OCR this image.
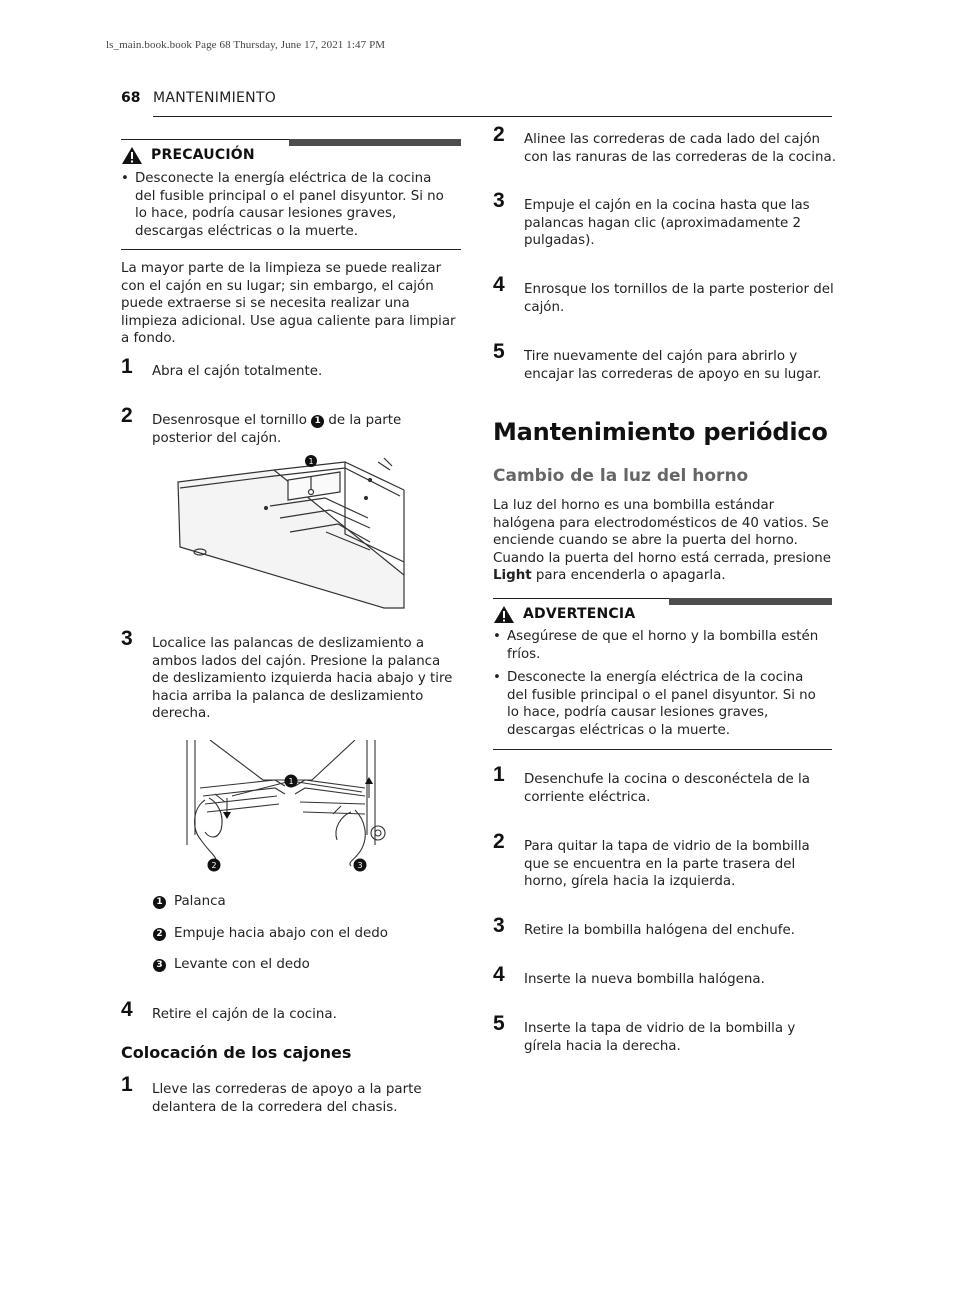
ls_main.book.book Page 68 Thursday, June 17, 2021 1:47 PM
68 MANTENIMIENTO
PRECAUCIÓN
• Desconecte la energía eléctrica de la cocina del fusible principal o el panel disyuntor. Si no lo hace, podría causar lesiones graves, descargas eléctricas o la muerte.

La mayor parte de la limpieza se puede realizar con el cajón en su lugar; sin embargo, el cajón puede extraerse si se necesita realizar una limpieza adicional. Use agua caliente para limpiar a fondo.

1 Abra el cajón totalmente.
2 Desenrosque el tornillo 1 de la parte posterior del cajón.
1
3 Localice las palancas de deslizamiento a ambos lados del cajón. Presione la palanca de deslizamiento izquierda hacia abajo y tire hacia arriba la palanca de deslizamiento derecha.
1
2	3
1 Palanca
2 Empuje hacia abajo con el dedo
3 Levante con el dedo
4 Retire el cajón de la cocina.
Colocación de los cajones
1 Lleve las correderas de apoyo a la parte delantera de la corredera del chasis.
2 Alinee las correderas de cada lado del cajón con las ranuras de las correderas de la cocina.
3 Empuje el cajón en la cocina hasta que las palancas hagan clic (aproximadamente 2 pulgadas).
4 Enrosque los tornillos de la parte posterior del cajón.
5 Tire nuevamente del cajón para abrirlo y encajar las correderas de apoyo en su lugar.
Mantenimiento periódico
Cambio de la luz del horno

La luz del horno es una bombilla estándar halógena para electrodomésticos de 40 vatios. Se enciende cuando se abre la puerta del horno. Cuando la puerta del horno está cerrada, presione Light para encenderla o apagarla.

ADVERTENCIA
• Asegúrese de que el horno y la bombilla estén fríos.
• Desconecte la energía eléctrica de la cocina del fusible principal o el panel disyuntor. Si no lo hace, podría causar lesiones graves, descargas eléctricas o la muerte.
1 Desenchufe la cocina o desconéctela de la corriente eléctrica.
2 Para quitar la tapa de vidrio de la bombilla que se encuentra en la parte trasera del horno, gírela hacia la izquierda.
3 Retire la bombilla halógena del enchufe.
4 Inserte la nueva bombilla halógena.
5 Inserte la tapa de vidrio de la bombilla y gírela hacia la derecha.
